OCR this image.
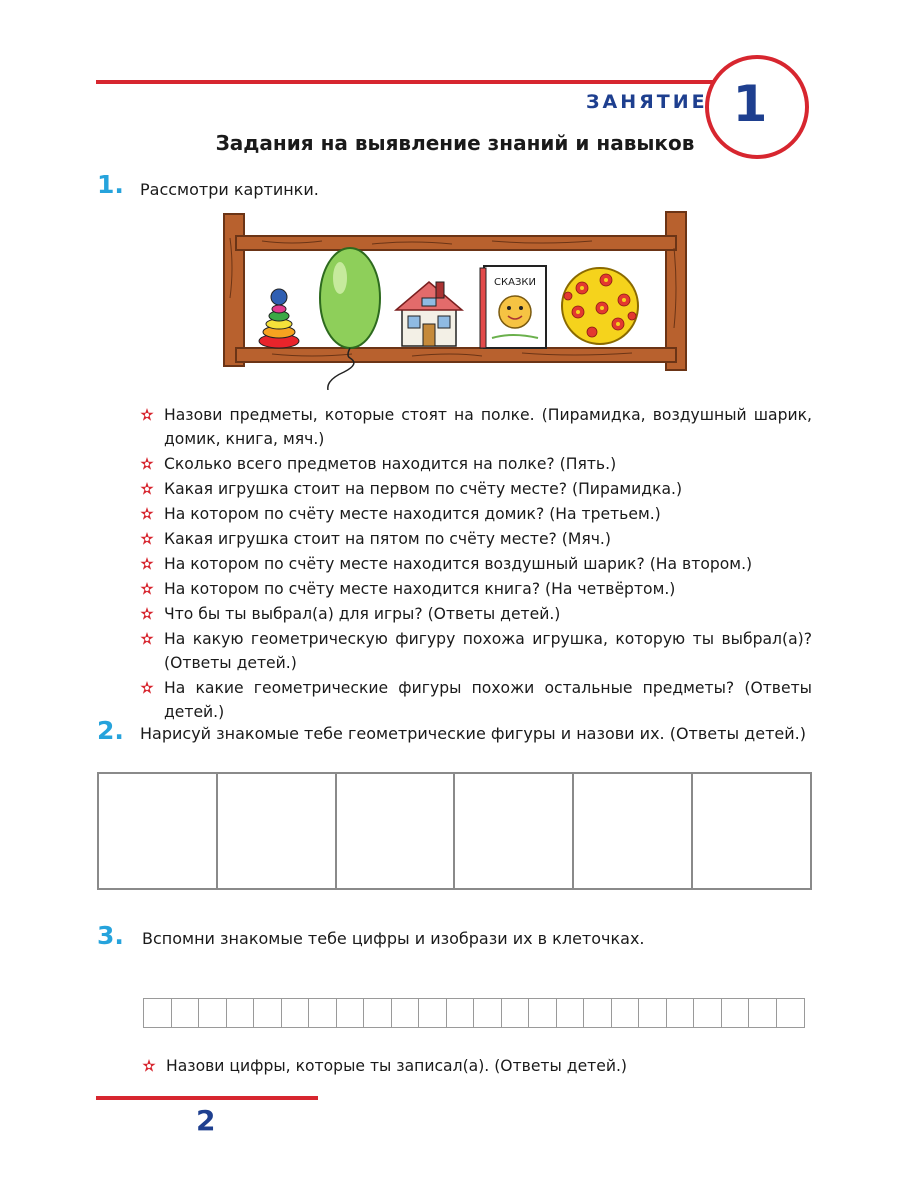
1
ЗАНЯТИЕ
Задания на выявление знаний и навыков
1. Рассмотри картинки.
СКАЗКИ
Назови предметы, которые стоят на полке. (Пирамидка, воздушный шарик, домик, книга, мяч.)
Сколько всего предметов находится на полке? (Пять.)
Какая игрушка стоит на первом по счёту месте? (Пирамидка.)
На котором по счёту месте находится домик? (На третьем.)
Какая игрушка стоит на пятом по счёту месте? (Мяч.)
На котором по счёту месте находится воздушный шарик? (На втором.)
На котором по счёту месте находится книга? (На четвёртом.)
Что бы ты выбрал(а) для игры? (Ответы детей.)
На какую геометрическую фигуру похожа игрушка, которую ты выбрал(а)? (Ответы детей.)
На какие геометрические фигуры похожи остальные предметы? (Ответы детей.)
2. Нарисуй знакомые тебе геометрические фигуры и назови их. (Ответы детей.)
3. Вспомни знакомые тебе цифры и изобрази их в клеточках.
Назови цифры, которые ты записал(а). (Ответы детей.)
2
